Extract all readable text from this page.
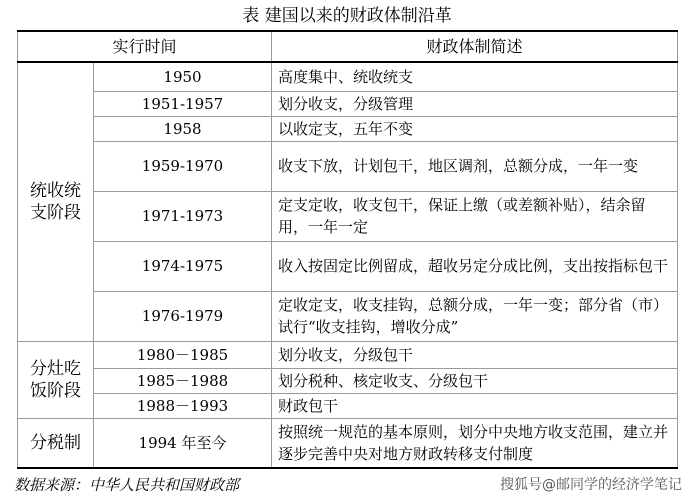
表 建国以来的财政体制沿革
实行时间		财政体制简述
统收统支阶段	1950	高度集中、统收统支
	1951-1957	划分收支，分级管理
	1958	以收定支，五年不变
	1959-1970	收支下放，计划包干，地区调剂，总额分成，一年一变
	1971-1973	定支定收，收支包干，保证上缴（或差额补贴），结余留用，一年一定
	1974-1975	收入按固定比例留成，超收另定分成比例，支出按指标包干
	1976-1979	定收定支，收支挂钩，总额分成，一年一变；部分省（市）试行“收支挂钩，增收分成”
分灶吃饭阶段	1980－1985	划分收支，分级包干
	1985－1988	划分税种、核定收支、分级包干
	1988－1993	财政包干
分税制	1994 年至今	按照统一规范的基本原则，划分中央地方收支范围，建立并逐步完善中央对地方财政转移支付制度
数据来源：中华人民共和国财政部	搜狐号@邮同学的经济学笔记
